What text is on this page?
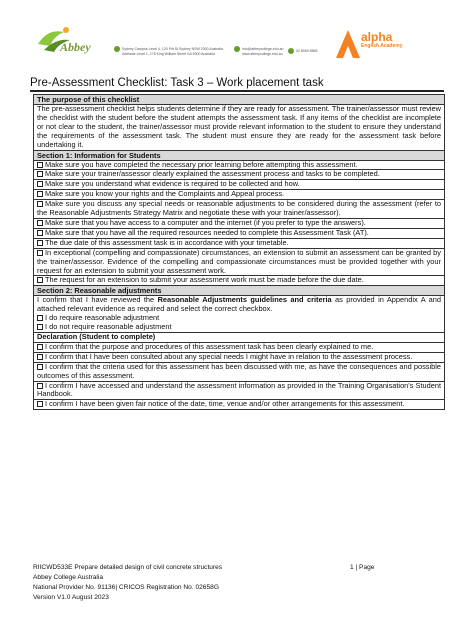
Abbey	Sydney Campus Level 4, 120 Pitt St Sydney NSW 2000 Australia
Adelaide Level 1, 178 King William Street SA 5000 Australia
info@abbeycollege.edu.au
www.abbeycollege.edu.au
02 8969 8558
alpha
English Academy
Pre-Assessment Checklist: Task 3 – Work placement task
The purpose of this checklist
The pre-assessment checklist helps students determine if they are ready for assessment. The trainer/assessor must review the checklist with the student before the student attempts the assessment task. If any items of the checklist are incomplete or not clear to the student, the trainer/assessor must provide relevant information to the student to ensure they understand the requirements of the assessment task. The student must ensure they are ready for the assessment task before undertaking it.
Section 1: Information for Students
Make sure you have completed the necessary prior learning before attempting this assessment.
Make sure your trainer/assessor clearly explained the assessment process and tasks to be completed.
Make sure you understand what evidence is required to be collected and how.
Make sure you know your rights and the Complaints and Appeal process.
Make sure you discuss any special needs or reasonable adjustments to be considered during the assessment (refer to the Reasonable Adjustments Strategy Matrix and negotiate these with your trainer/assessor).
Make sure that you have access to a computer and the internet (if you prefer to type the answers).
Make sure that you have all the required resources needed to complete this Assessment Task (AT).
The due date of this assessment task is in accordance with your timetable.
In exceptional (compelling and compassionate) circumstances, an extension to submit an assessment can be granted by the trainer/assessor. Evidence of the compelling and compassionate circumstances must be provided together with your request for an extension to submit your assessment work.
The request for an extension to submit your assessment work must be made before the due date.
Section 2: Reasonable adjustments
I confirm that I have reviewed the Reasonable Adjustments guidelines and criteria as provided in Appendix A and attached relevant evidence as required and select the correct checkbox.
I do require reasonable adjustment
I do not require reasonable adjustment
Declaration (Student to complete)
I confirm that the purpose and procedures of this assessment task has been clearly explained to me.
I confirm that I have been consulted about any special needs I might have in relation to the assessment process.
I confirm that the criteria used for this assessment has been discussed with me, as have the consequences and possible outcomes of this assessment.
I confirm I have accessed and understand the assessment information as provided in the Training Organisation's Student Handbook.
I confirm I have been given fair notice of the date, time, venue and/or other arrangements for this assessment.
RIICWD533E Prepare detailed design of civil concrete structures
Abbey College Australia
National Provider No. 91136| CRICOS Registration No. 02658G
Version V1.0 August 2023
1 | Page
